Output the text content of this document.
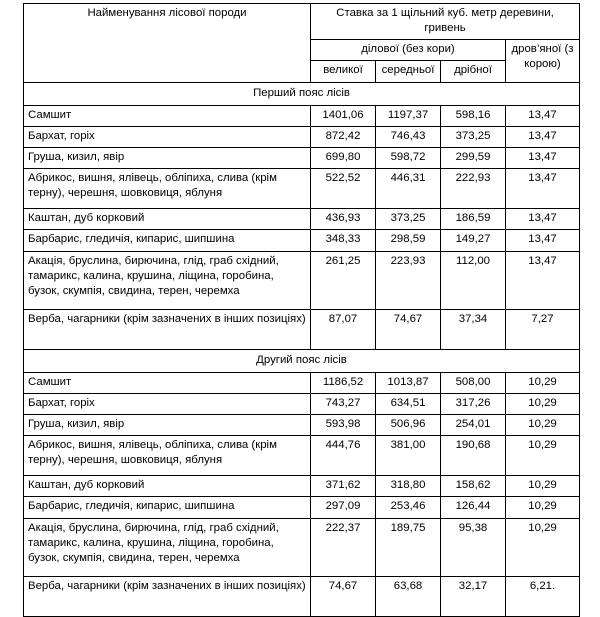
Найменування лісової породи	Ставка за 1 щільний куб. метр деревини, гривень			
	ділової (без кори)			дров’яної (з корою)
	великої	середньої	дрібної	
Перший пояс лісів				
Самшит	1401,06	1197,37	598,16	13,47
Бархат, горіх	872,42	746,43	373,25	13,47
Груша, кизил, явір	699,80	598,72	299,59	13,47
Абрикос, вишня, ялівець, обліпиха, слива (крім терну), черешня, шовковиця, яблуня	522,52	446,31	222,93	13,47
Каштан, дуб корковий	436,93	373,25	186,59	13,47
Барбарис, гледичія, кипарис, шипшина	348,33	298,59	149,27	13,47
Акація, бруслина, бирючина, глід, граб східний, тамарикс, калина, крушина, ліщина, горобина, бузок, скумпія, свидина, терен, черемха	261,25	223,93	112,00	13,47
Верба, чагарники (крім зазначених в інших позиціях)	87,07	74,67	37,34	7,27
Другий пояс лісів				
Самшит	1186,52	1013,87	508,00	10,29
Бархат, горіх	743,27	634,51	317,26	10,29
Груша, кизил, явір	593,98	506,96	254,01	10,29
Абрикос, вишня, ялівець, обліпиха, слива (крім терну), черешня, шовковиця, яблуня	444,76	381,00	190,68	10,29
Каштан, дуб корковий	371,62	318,80	158,62	10,29
Барбарис, гледичія, кипарис, шипшина	297,09	253,46	126,44	10,29
Акація, бруслина, бирючина, глід, граб східний, тамарикс, калина, крушина, ліщина, горобина, бузок, скумпія, свидина, терен, черемха	222,37	189,75	95,38	10,29
Верба, чагарники (крім зазначених в інших позиціях)	74,67	63,68	32,17	6,21.
